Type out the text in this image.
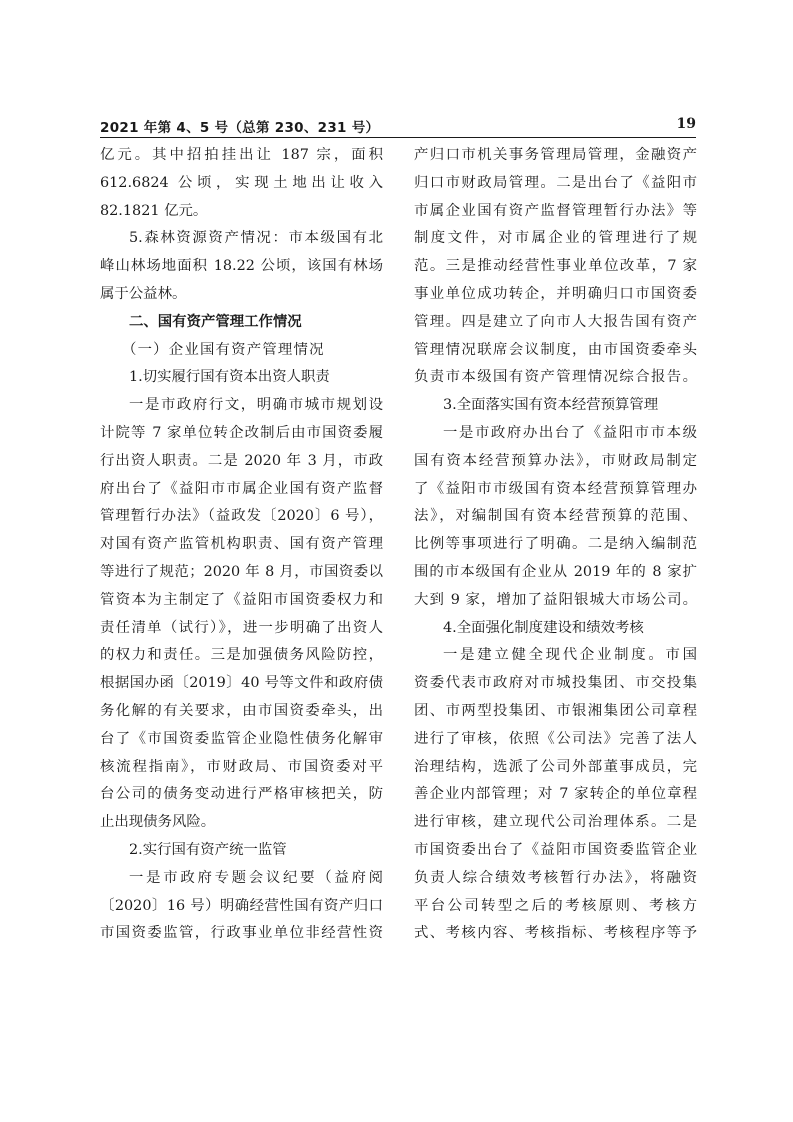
2021 年第 4、5 号（总第 230、231 号）	19
亿元。其中招拍挂出让 187 宗，面积
612.6824 公顷，实现土地出让收入
82.1821 亿元。
5.森林资源资产情况：市本级国有北
峰山林场地面积 18.22 公顷，该国有林场
属于公益林。
二、国有资产管理工作情况
（一）企业国有资产管理情况
1.切实履行国有资本出资人职责
一是市政府行文，明确市城市规划设
计院等 7 家单位转企改制后由市国资委履
行出资人职责。二是 2020 年 3 月，市政
府出台了《益阳市市属企业国有资产监督
管理暂行办法》（益政发〔2020〕6 号），
对国有资产监管机构职责、国有资产管理
等进行了规范；2020 年 8 月，市国资委以
管资本为主制定了《益阳市国资委权力和
责任清单（试行）》，进一步明确了出资人
的权力和责任。三是加强债务风险防控，
根据国办函〔2019〕40 号等文件和政府债
务化解的有关要求，由市国资委牵头，出
台了《市国资委监管企业隐性债务化解审
核流程指南》，市财政局、市国资委对平
台公司的债务变动进行严格审核把关，防
止出现债务风险。
2.实行国有资产统一监管
一是市政府专题会议纪要（益府阅
〔2020〕16 号）明确经营性国有资产归口
市国资委监管，行政事业单位非经营性资
产归口市机关事务管理局管理，金融资产
归口市财政局管理。二是出台了《益阳市
市属企业国有资产监督管理暂行办法》等
制度文件，对市属企业的管理进行了规
范。三是推动经营性事业单位改革，7 家
事业单位成功转企，并明确归口市国资委
管理。四是建立了向市人大报告国有资产
管理情况联席会议制度，由市国资委牵头
负责市本级国有资产管理情况综合报告。
3.全面落实国有资本经营预算管理
一是市政府办出台了《益阳市市本级
国有资本经营预算办法》，市财政局制定
了《益阳市市级国有资本经营预算管理办
法》，对编制国有资本经营预算的范围、
比例等事项进行了明确。二是纳入编制范
围的市本级国有企业从 2019 年的 8 家扩
大到 9 家，增加了益阳银城大市场公司。
4.全面强化制度建设和绩效考核
一是建立健全现代企业制度。市国
资委代表市政府对市城投集团、市交投集
团、市两型投集团、市银湘集团公司章程
进行了审核，依照《公司法》完善了法人
治理结构，选派了公司外部董事成员，完
善企业内部管理；对 7 家转企的单位章程
进行审核，建立现代公司治理体系。二是
市国资委出台了《益阳市国资委监管企业
负责人综合绩效考核暂行办法》，将融资
平台公司转型之后的考核原则、考核方
式、考核内容、考核指标、考核程序等予
